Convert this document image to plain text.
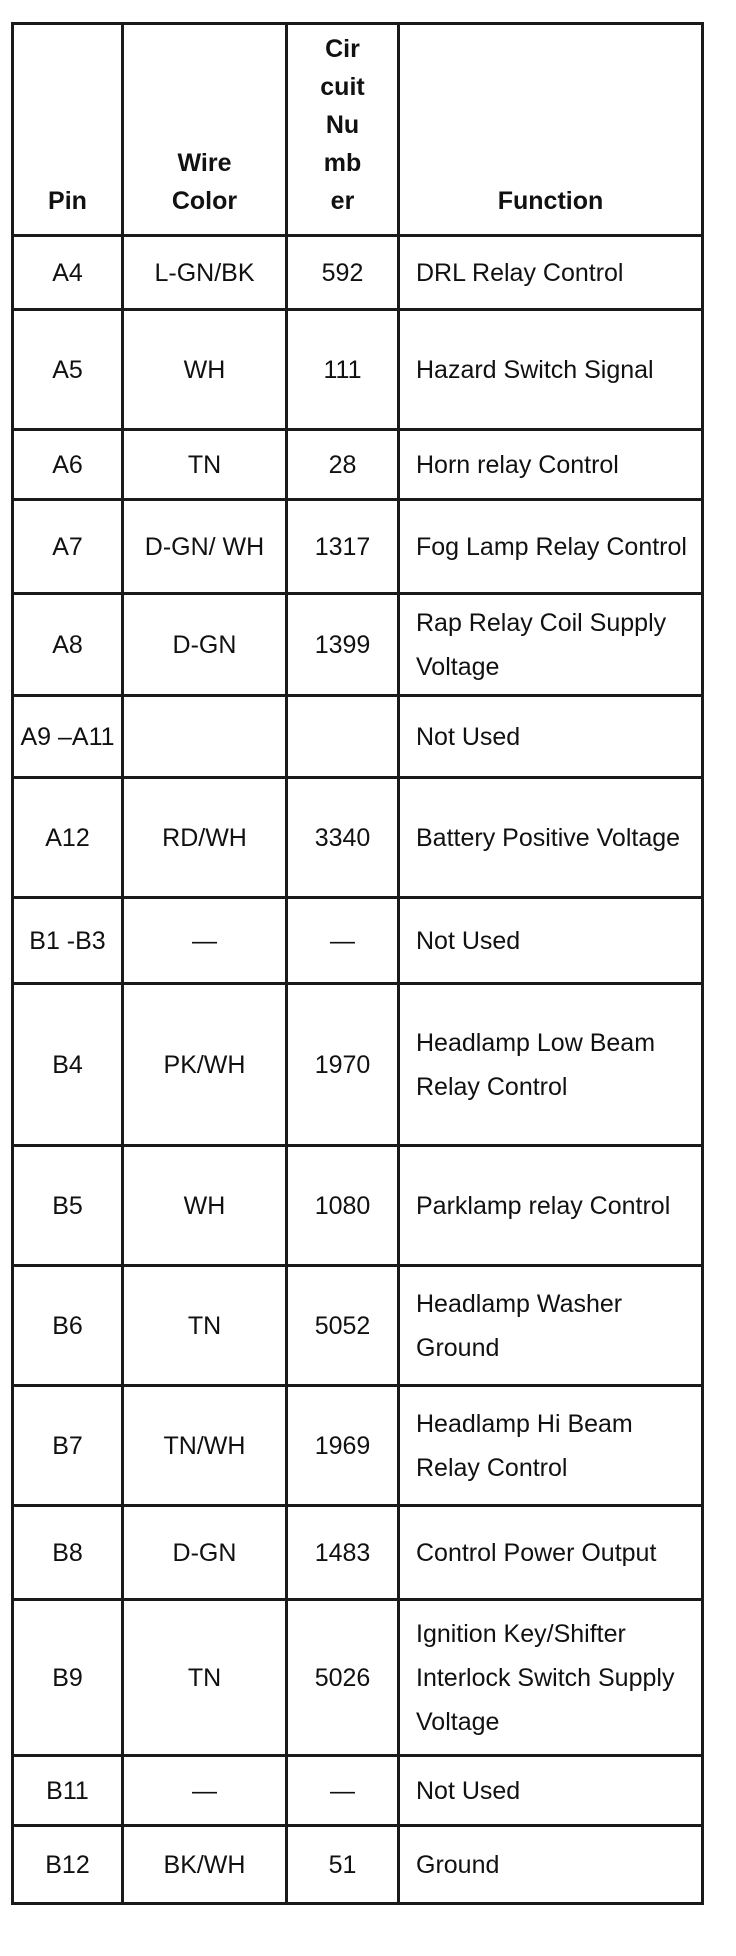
Pin	Wire Color	Cir cuit Nu mb er	Function
A4	L-GN/BK	592	DRL Relay Control
A5	WH	111	Hazard Switch Signal
A6	TN	28	Horn relay Control
A7	D-GN/ WH	1317	Fog Lamp Relay Control
A8	D-GN	1399	Rap Relay Coil Supply Voltage
A9 –A11			Not Used
A12	RD/WH	3340	Battery Positive Voltage
B1 -B3	—	—	Not Used
B4	PK/WH	1970	Headlamp Low Beam Relay Control
B5	WH	1080	Parklamp relay Control
B6	TN	5052	Headlamp Washer Ground
B7	TN/WH	1969	Headlamp Hi Beam Relay Control
B8	D-GN	1483	Control Power Output
B9	TN	5026	Ignition Key/Shifter Interlock Switch Supply Voltage
B11	—	—	Not Used
B12	BK/WH	51	Ground
